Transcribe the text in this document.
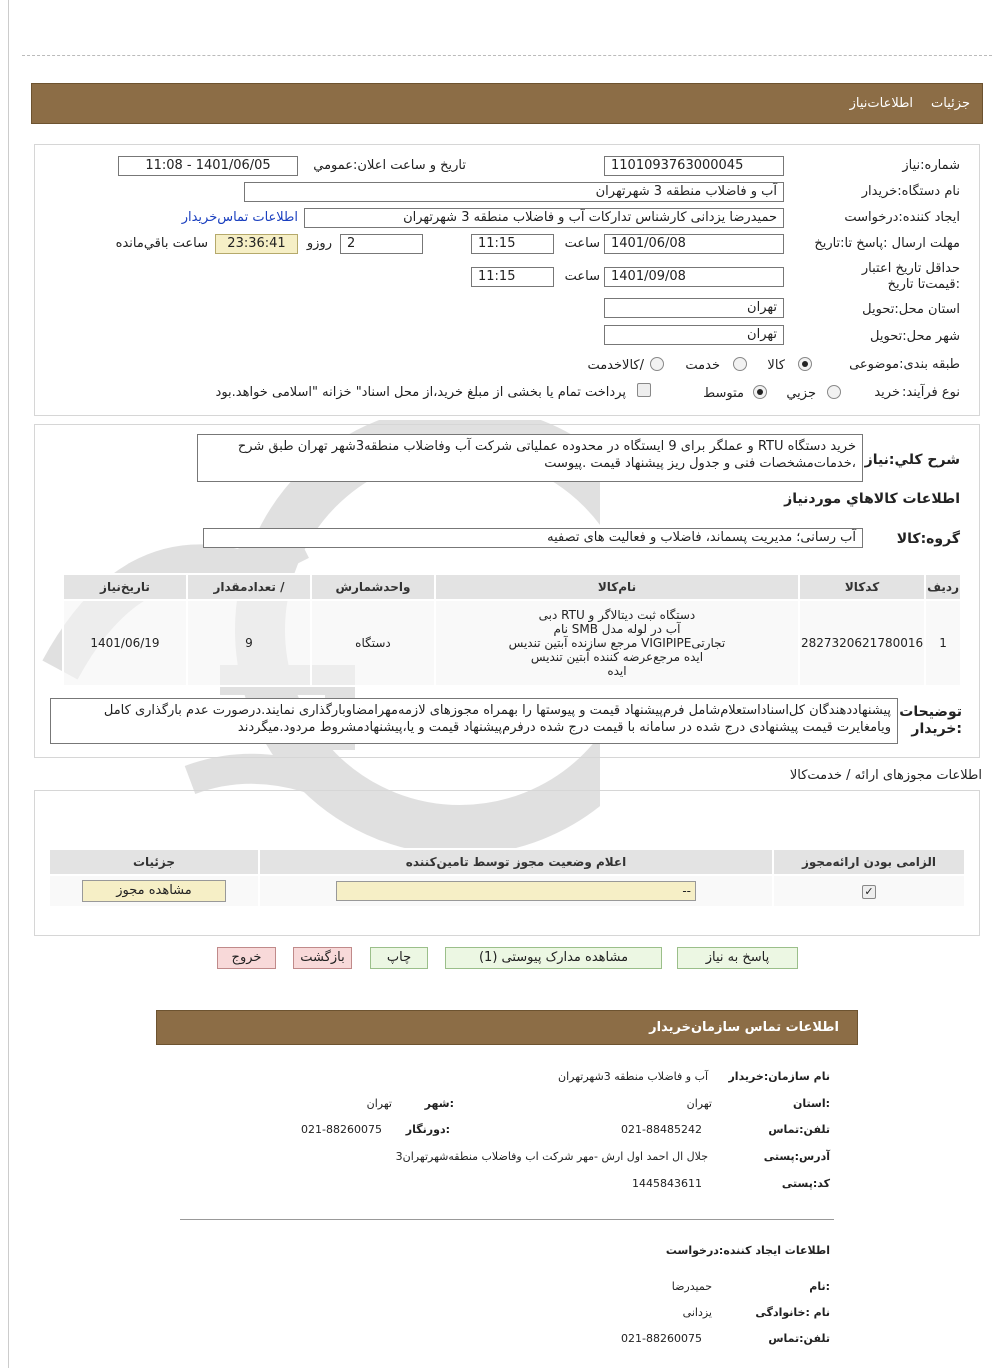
جزئیات
اطلاعات‌نیاز
شماره:نیاز
1101093763000045
تاریخ و ساعت اعلان:عمومي
1401/06/05 - 11:08
نام دستگاه:خريدار
آب و فاضلاب منطقه 3 شهرتهران
ايجاد کننده:درخواست
حمیدرضا یزدانی کارشناس تدارکات آب و فاضلاب منطقه 3 شهرتهران
اطلاعات تماس‌خريدار
مهلت ارسال :پاسخ تا:تاريخ
1401/06/08
ساعت
11:15
2
روزو
23:36:41
ساعت باقي‌مانده
حداقل تاريخ اعتبار :قيمت‌تا تاريخ
1401/09/08
ساعت
11:15
استان محل:تحويل
تهران
شهر محل:تحويل
تهران
طبقه بندی:موضوعی
کالا
خدمت
/کالاخدمت
نوع فرآیند:
خريد
جزيي
متوسط
پرداخت تمام يا بخشی از مبلغ خريد،از محل اسناد" خزانه "اسلامی خواهد.بود
شرح کلي:نياز
خريد دستگاه RTU و عملگر برای 9 ایستگاه در محدوده عملیاتی شرکت آب وفاضلاب منطقه3شهر تهران طبق شرح ،خدمات‌مشخصات فنی و جدول ریز پیشنهاد قیمت .پیوست
اطلاعات کالاهاي موردنياز
گروه:کالا
آب رسانی؛ مديريت پسماند، فاضلاب و فعاليت های تصفيه
رديف	کدکالا	نام‌کالا	واحدشمارش	/ تعدادمقدار	تاريخ‌نياز
1	2827320621780016	دستگاه ثبت دیتالاگر و RTU دبی
آب در لوله مدل SMB نام
تجارتیVIGIPIPE مرجع سازنده آبتین تندیس
ایده مرجع‌عرضه کننده آبتین تندیس
ایده	دستگاه	9	1401/06/19
توضيحات :خريدار
پیشنهاددهندگان کل‌اسناداستعلام‌شامل فرم‌پیشنهاد قیمت و پیوستها را بهمراه مجوزهای لازمه‌مهرامضاوبارگذاری نمایند.درصورت عدم بارگذاری کامل ویامغایرت قیمت پیشنهادی درج شده در سامانه با قیمت درج شده درفرم‌پیشنهاد قیمت و یا،پیشنهادمشروط مردود.میگردند
اطلاعات مجوزهای ارائه / خدمت‌کالا
الزامی بودن ارائه‌مجوز	اعلام وضعيت مجوز توسط تامين‌کننده	جزئيات
✓	--	مشاهده مجوز
پاسخ به نياز
مشاهده مدارک پیوستی (1)
چاپ
بازگشت
خروج
اطلاعات تماس سازمان‌خريدار
نام سازمان:خريدار
آب و فاضلاب منطقه 3شهرتهران
:استان
تهران
:شهر
تهران
تلفن:تماس
021-88485242
:دورنگار
021-88260075
آدرس:پستی
جلال ال احمد اول ارش -مهر شرکت اب وفاضلاب منطقه‌شهرتهران3
کد:پستی
1445843611
اطلاعات ايجاد کننده:درخواست
:نام
حمیدرضا
نام :خانوادگی
یزدانی
تلفن:تماس
021-88260075
